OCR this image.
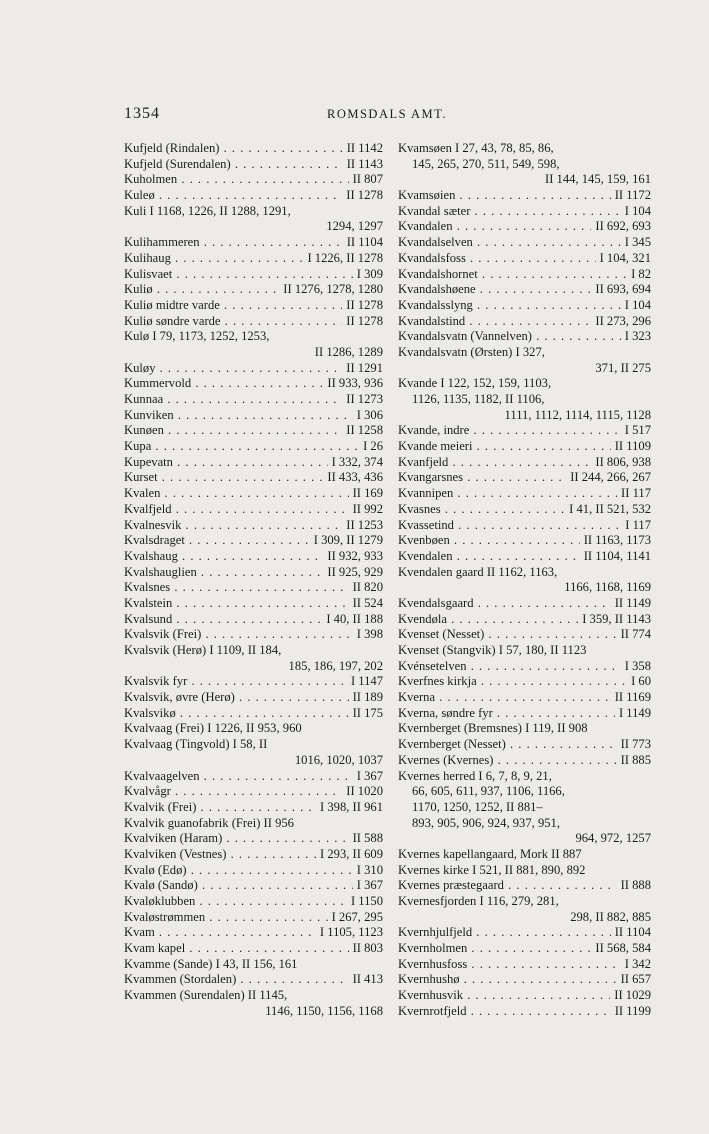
1354	ROMSDALS AMT.
Kufjeld (Rindalen) . . .	II 1142
Kufjeld (Surendalen) . . .	II 1143
Kuholmen . . .	II 807
Kuleø . . .	II 1278
Kuli I 1168, 1226, II 1288, 1291,
1294, 1297
Kulihammeren . . .	II 1104
Kulihaug . . .	I 1226, II 1278
Kulisvaet . . .	I 309
Kuliø . . .	II 1276, 1278, 1280
Kuliø midtre varde . . .	II 1278
Kuliø søndre varde . . .	II 1278
Kulø I 79, 1173, 1252, 1253,
II 1286, 1289
Kuløy . . .	II 1291
Kummervold . . .	II 933, 936
Kunnaa . . .	II 1273
Kunviken . . .	I 306
Kunøen . . .	II 1258
Kupa . . .	I 26
Kupevatn . . .	I 332, 374
Kurset . . .	II 433, 436
Kvalen . . .	II 169
Kvalfjeld . . .	II 992
Kvalnesvik . . .	II 1253
Kvalsdraget . . .	I 309, II 1279
Kvalshaug . . .	II 932, 933
Kvalshauglien . . .	II 925, 929
Kvalsnes . . .	II 820
Kvalstein . . .	II 524
Kvalsund . . .	I 40, II 188
Kvalsvik (Frei) . . .	I 398
Kvalsvik (Herø) I 1109, II 184,
185, 186, 197, 202
Kvalsvik fyr . . .	I 1147
Kvalsvik, øvre (Herø) . . .	II 189
Kvalsvikø . . .	II 175
Kvalvaag (Frei) I 1226, II 953, 960
Kvalvaag (Tingvold) I 58, II
1016, 1020, 1037
Kvalvaagelven . . .	I 367
Kvalvågr . . .	II 1020
Kvalvik (Frei) . . .	I 398, II 961
Kvalvik guanofabrik (Frei) II 956
Kvalviken (Haram) . . .	II 588
Kvalviken (Vestnes) . . .	I 293, II 609
Kvalø (Edø) . . .	I 310
Kvalø (Sandø) . . .	I 367
Kvaløklubben . . .	I 1150
Kvaløstrømmen . . .	I 267, 295
Kvam . . .	I 1105, 1123
Kvam kapel . . .	II 803
Kvamme (Sande) I 43, II 156, 161
Kvammen (Stordalen) . . .	II 413
Kvammen (Surendalen) II 1145,
1146, 1150, 1156, 1168
Kvamsøen I 27, 43, 78, 85, 86,
145, 265, 270, 511, 549, 598,
II 144, 145, 159, 161
Kvamsøien . . .	II 1172
Kvandal sæter . . .	I 104
Kvandalen . . .	II 692, 693
Kvandalselven . . .	I 345
Kvandalsfoss . . .	I 104, 321
Kvandalshornet . . .	I 82
Kvandalshøene . . .	II 693, 694
Kvandalsslyng . . .	I 104
Kvandalstind . . .	II 273, 296
Kvandalsvatn (Vannelven) . . .	I 323
Kvandalsvatn (Ørsten) I 327,
371, II 275
Kvande I 122, 152, 159, 1103,
1126, 1135, 1182, II 1106,
1111, 1112, 1114, 1115, 1128
Kvande, indre . . .	I 517
Kvande meieri . . .	II 1109
Kvanfjeld . . .	II 806, 938
Kvangarsnes . . .	II 244, 266, 267
Kvannipen . . .	II 117
Kvasnes . . .	I 41, II 521, 532
Kvassetind . . .	I 117
Kvenbøen . . .	II 1163, 1173
Kvendalen . . .	II 1104, 1141
Kvendalen gaard II 1162, 1163,
1166, 1168, 1169
Kvendalsgaard . . .	II 1149
Kvendøla . . .	I 359, II 1143
Kvenset (Nesset) . . .	II 774
Kvenset (Stangvik) I 57, 180, II 1123
Kvénsetelven . . .	I 358
Kverfnes kirkja . . .	I 60
Kverna . . .	II 1169
Kverna, søndre fyr . . .	I 1149
Kvernberget (Bremsnes) I 119, II 908
Kvernberget (Nesset) . . .	II 773
Kvernes (Kvernes) . . .	II 885
Kvernes herred I 6, 7, 8, 9, 21,
66, 605, 611, 937, 1106, 1166,
1170, 1250, 1252, II 881–
893, 905, 906, 924, 937, 951,
964, 972, 1257
Kvernes kapellangaard, Mork II 887
Kvernes kirke I 521, II 881, 890, 892
Kvernes præstegaard . . .	II 888
Kvernesfjorden I 116, 279, 281,
298, II 882, 885
Kvernhjulfjeld . . .	II 1104
Kvernholmen . . .	II 568, 584
Kvernhusfoss . . .	I 342
Kvernhushø . . .	II 657
Kvernhusvik . . .	II 1029
Kvernrotfjeld . . .	II 1199
